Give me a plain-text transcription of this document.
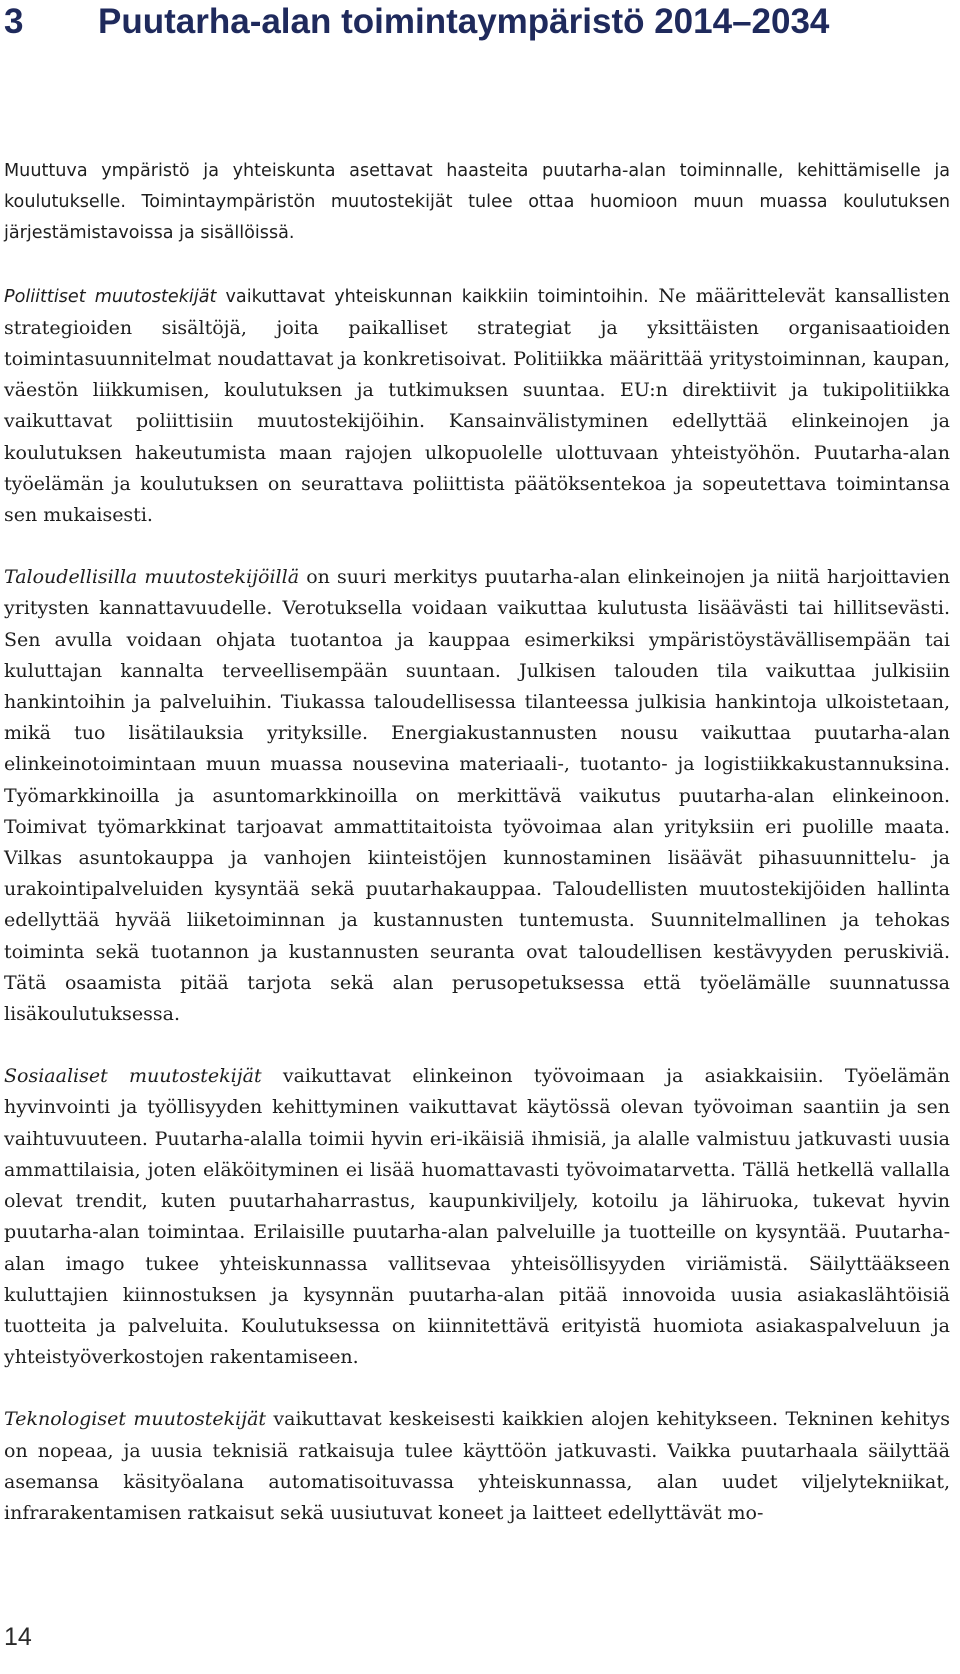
3 Puutarha-alan toimintaympäristö 2014–2034

Muuttuva ympäristö ja yhteiskunta asettavat haasteita puutarha-alan toiminnalle, kehittämiselle ja koulutukselle. Toimintaympäristön muutostekijät tulee ottaa huomioon muun muassa koulutuksen järjestämistavoissa ja sisällöissä.

Poliittiset muutostekijät vaikuttavat yhteiskunnan kaikkiin toimintoihin. Ne määrittelevät kansallisten strategioiden sisältöjä, joita paikalliset strategiat ja yksittäisten organisaatioiden toimintasuunnitelmat noudattavat ja konkretisoivat. Politiikka määrittää yritystoiminnan, kaupan, väestön liikkumisen, koulutuksen ja tutkimuksen suuntaa. EU:n direktiivit ja tukipolitiikka vaikuttavat poliittisiin muutostekijöihin. Kansainvälistyminen edellyttää elinkeinojen ja koulutuksen hakeutumista maan rajojen ulkopuolelle ulottuvaan yhteistyöhön. Puutarha-alan työelämän ja koulutuksen on seurattava poliittista päätöksentekoa ja sopeutettava toimintansa sen mukaisesti.

Taloudellisilla muutostekijöillä on suuri merkitys puutarha-alan elinkeinojen ja niitä harjoittavien yritysten kannattavuudelle. Verotuksella voidaan vaikuttaa kulutusta lisäävästi tai hillitsevästi. Sen avulla voidaan ohjata tuotantoa ja kauppaa esimerkiksi ympäristöystävällisempään tai kuluttajan kannalta terveellisempään suuntaan. Julkisen talouden tila vaikuttaa julkisiin hankintoihin ja palveluihin. Tiukassa taloudellisessa tilanteessa julkisia hankintoja ulkoistetaan, mikä tuo lisätilauksia yrityksille. Energiakustannusten nousu vaikuttaa puutarha-alan elinkeinotoimintaan muun muassa nousevina materiaali-, tuotanto- ja logistiikkakustannuksina. Työmarkkinoilla ja asuntomarkkinoilla on merkittävä vaikutus puutarha-alan elinkeinoon. Toimivat työmarkkinat tarjoavat ammattitaitoista työvoimaa alan yrityksiin eri puolille maata. Vilkas asuntokauppa ja vanhojen kiinteistöjen kunnostaminen lisäävät pihasuunnittelu- ja urakointipalveluiden kysyntää sekä puutarhakauppaa. Taloudellisten muutostekijöiden hallinta edellyttää hyvää liiketoiminnan ja kustannusten tuntemusta. Suunnitelmallinen ja tehokas toiminta sekä tuotannon ja kustannusten seuranta ovat taloudellisen kestävyyden peruskiviä. Tätä osaamista pitää tarjota sekä alan perusopetuksessa että työelämälle suunnatussa lisäkoulutuksessa.

Sosiaaliset muutostekijät vaikuttavat elinkeinon työvoimaan ja asiakkaisiin. Työelämän hyvinvointi ja työllisyyden kehittyminen vaikuttavat käytössä olevan työvoiman saantiin ja sen vaihtuvuuteen. Puutarha-alalla toimii hyvin eri-ikäisiä ihmisiä, ja alalle valmistuu jatkuvasti uusia ammattilaisia, joten eläköityminen ei lisää huomattavasti työvoimatarvetta. Tällä hetkellä vallalla olevat trendit, kuten puutarhaharrastus, kaupunkiviljely, kotoilu ja lähiruoka, tukevat hyvin puutarha-alan toimintaa. Erilaisille puutarha-alan palveluille ja tuotteille on kysyntää. Puutarha-alan imago tukee yhteiskunnassa vallitsevaa yhteisöllisyyden viriämistä. Säilyttääkseen kuluttajien kiinnostuksen ja kysynnän puutarha-alan pitää innovoida uusia asiakaslähtöisiä tuotteita ja palveluita. Koulutuksessa on kiinnitettävä erityistä huomiota asiakaspalveluun ja yhteistyöverkostojen rakentamiseen.

Teknologiset muutostekijät vaikuttavat keskeisesti kaikkien alojen kehitykseen. Tekninen kehitys on nopeaa, ja uusia teknisiä ratkaisuja tulee käyttöön jatkuvasti. Vaikka puutarhaala säilyttää asemansa käsityöalana automatisoituvassa yhteiskunnassa, alan uudet viljelytekniikat, infrarakentamisen ratkaisut sekä uusiutuvat koneet ja laitteet edellyttävät mo-

14
